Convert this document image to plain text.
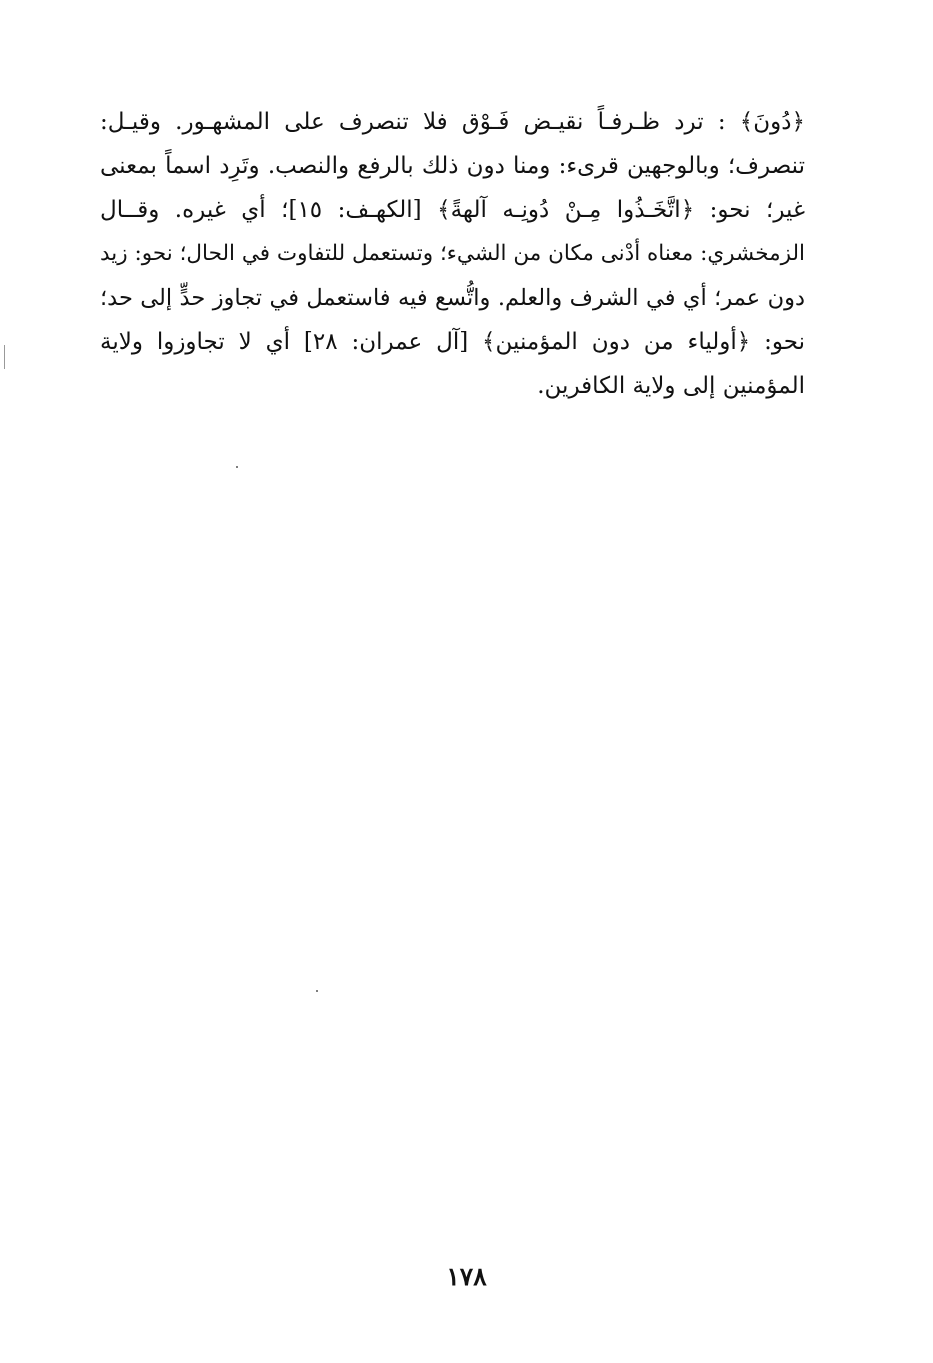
﴿دُونَ﴾ : ترد ظـرفـاً نقيـض فَـوْق فلا تنصرف على المشهـور. وقيـل:
تنصرف؛ وبالوجهين قرىء: ومنا دون ذلك بالرفع والنصب. وتَرِد اسماً بمعنى
غير؛ نحو: ﴿اتَّخَـذُوا مِـنْ دُونِـه آلهةً﴾ [الكهـف: ١٥]؛ أي غيره. وقــال
الزمخشري: معناه أدْنى مكان من الشيء؛ وتستعمل للتفاوت في الحال؛ نحو: زيد
دون عمر؛ أي في الشرف والعلم. واتُّسع فيه فاستعمل في تجاوز حدٍّ إلى حد؛
نحو: ﴿أولياء من دون المؤمنين﴾ [آل عمران: ٢٨] أي لا تجاوزوا ولاية
المؤمنين إلى ولاية الكافرين.
١٧٨
